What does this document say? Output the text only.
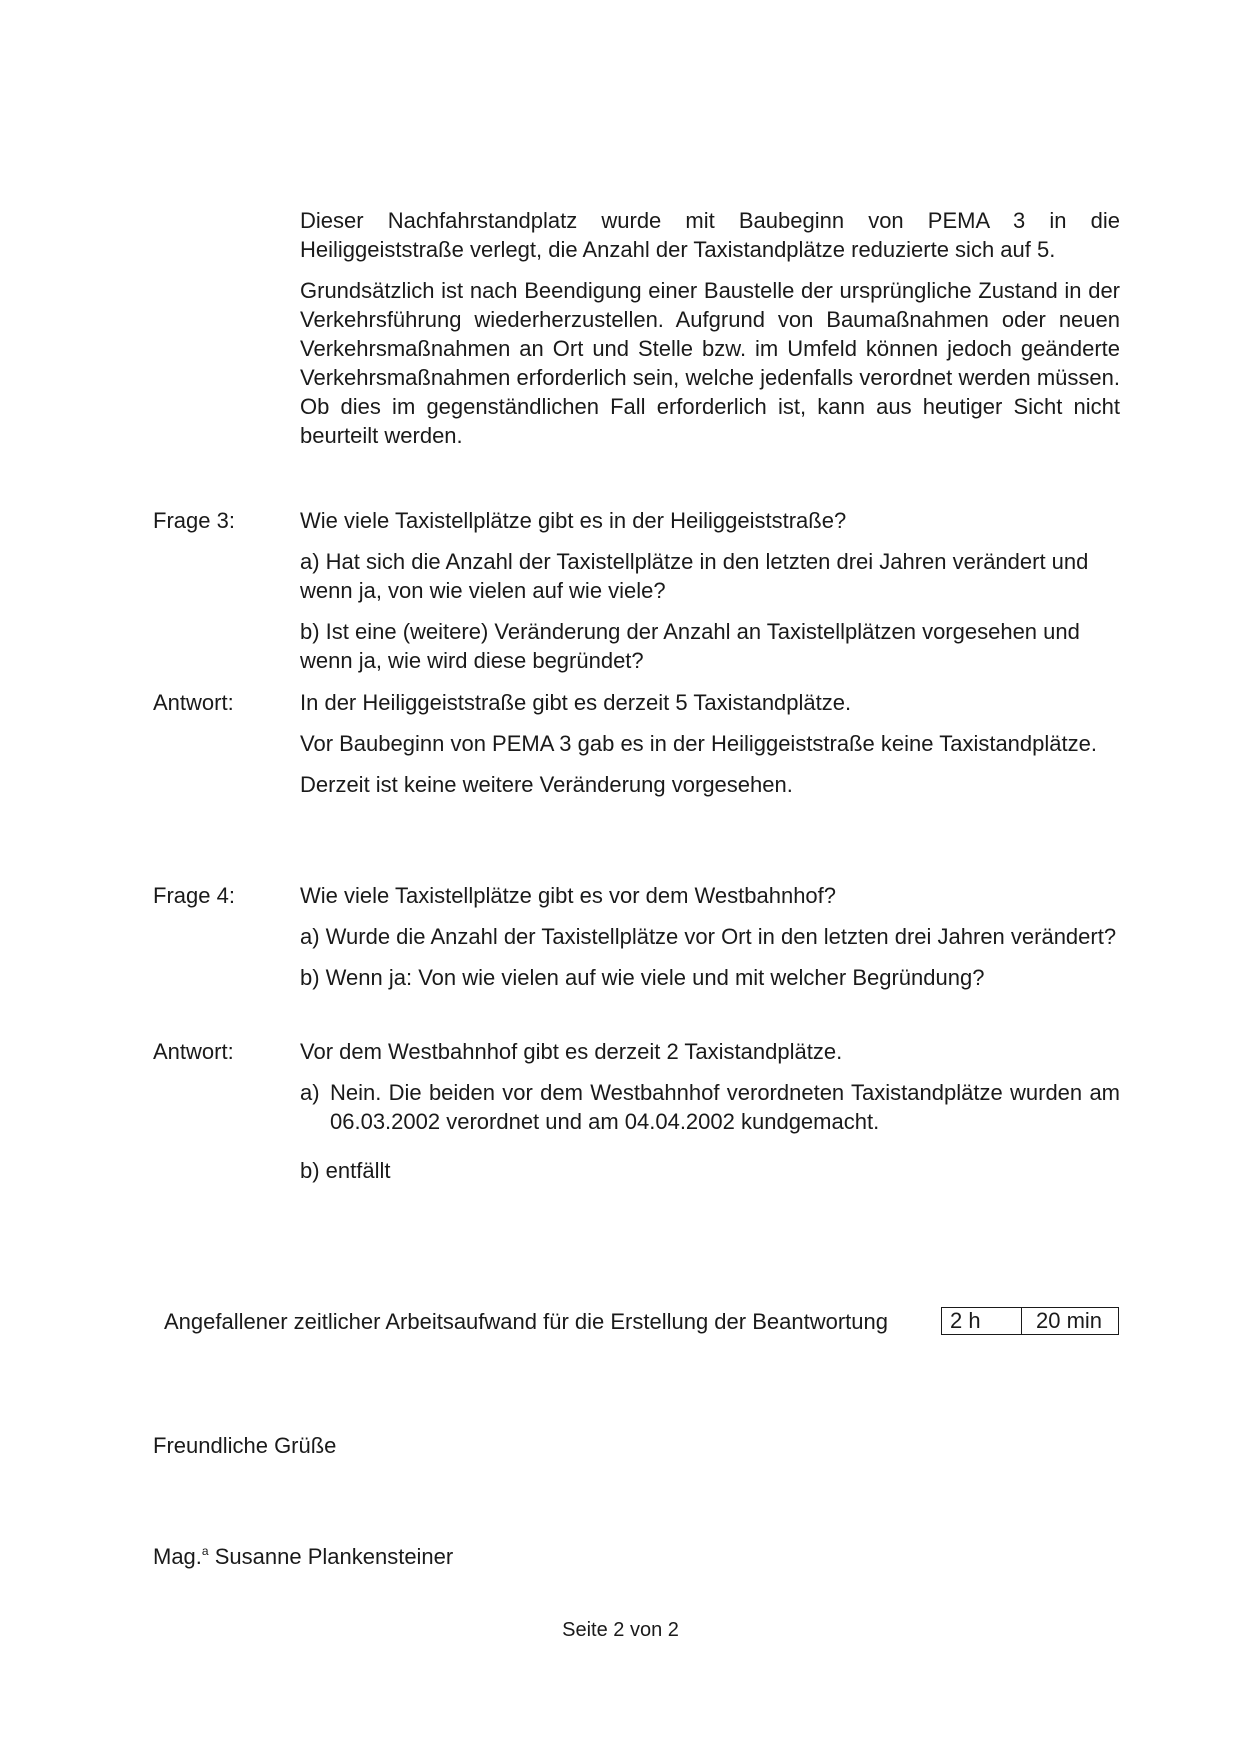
Dieser Nachfahrstandplatz wurde mit Baubeginn von PEMA 3 in die Heiliggeiststraße verlegt, die Anzahl der Taxistandplätze reduzierte sich auf 5.

Grundsätzlich ist nach Beendigung einer Baustelle der ursprüngliche Zustand in der Verkehrsführung wiederherzustellen. Aufgrund von Baumaßnahmen oder neuen Verkehrsmaßnahmen an Ort und Stelle bzw. im Umfeld können jedoch geänderte Verkehrsmaßnahmen erforderlich sein, welche jedenfalls verordnet werden müssen. Ob dies im gegenständlichen Fall erforderlich ist, kann aus heutiger Sicht nicht beurteilt werden.

Frage 3:	Wie viele Taxistellplätze gibt es in der Heiliggeiststraße?

a) Hat sich die Anzahl der Taxistellplätze in den letzten drei Jahren verändert und wenn ja, von wie vielen auf wie viele?

b) Ist eine (weitere) Veränderung der Anzahl an Taxistellplätzen vorgesehen und wenn ja, wie wird diese begründet?

Antwort:	In der Heiliggeiststraße gibt es derzeit 5 Taxistandplätze.

Vor Baubeginn von PEMA 3 gab es in der Heiliggeiststraße keine Taxistandplätze.

Derzeit ist keine weitere Veränderung vorgesehen.

Frage 4:	Wie viele Taxistellplätze gibt es vor dem Westbahnhof?

a) Wurde die Anzahl der Taxistellplätze vor Ort in den letzten drei Jahren verändert?

b) Wenn ja: Von wie vielen auf wie viele und mit welcher Begründung?

Antwort:	Vor dem Westbahnhof gibt es derzeit 2 Taxistandplätze.

a) Nein. Die beiden vor dem Westbahnhof verordneten Taxistandplätze wurden am 06.03.2002 verordnet und am 04.04.2002 kundgemacht.

b) entfällt

Angefallener zeitlicher Arbeitsaufwand für die Erstellung der Beantwortung	2 h	20 min
Freundliche Grüße
Mag.$^a$ Susanne Plankensteiner
Seite 2 von 2
